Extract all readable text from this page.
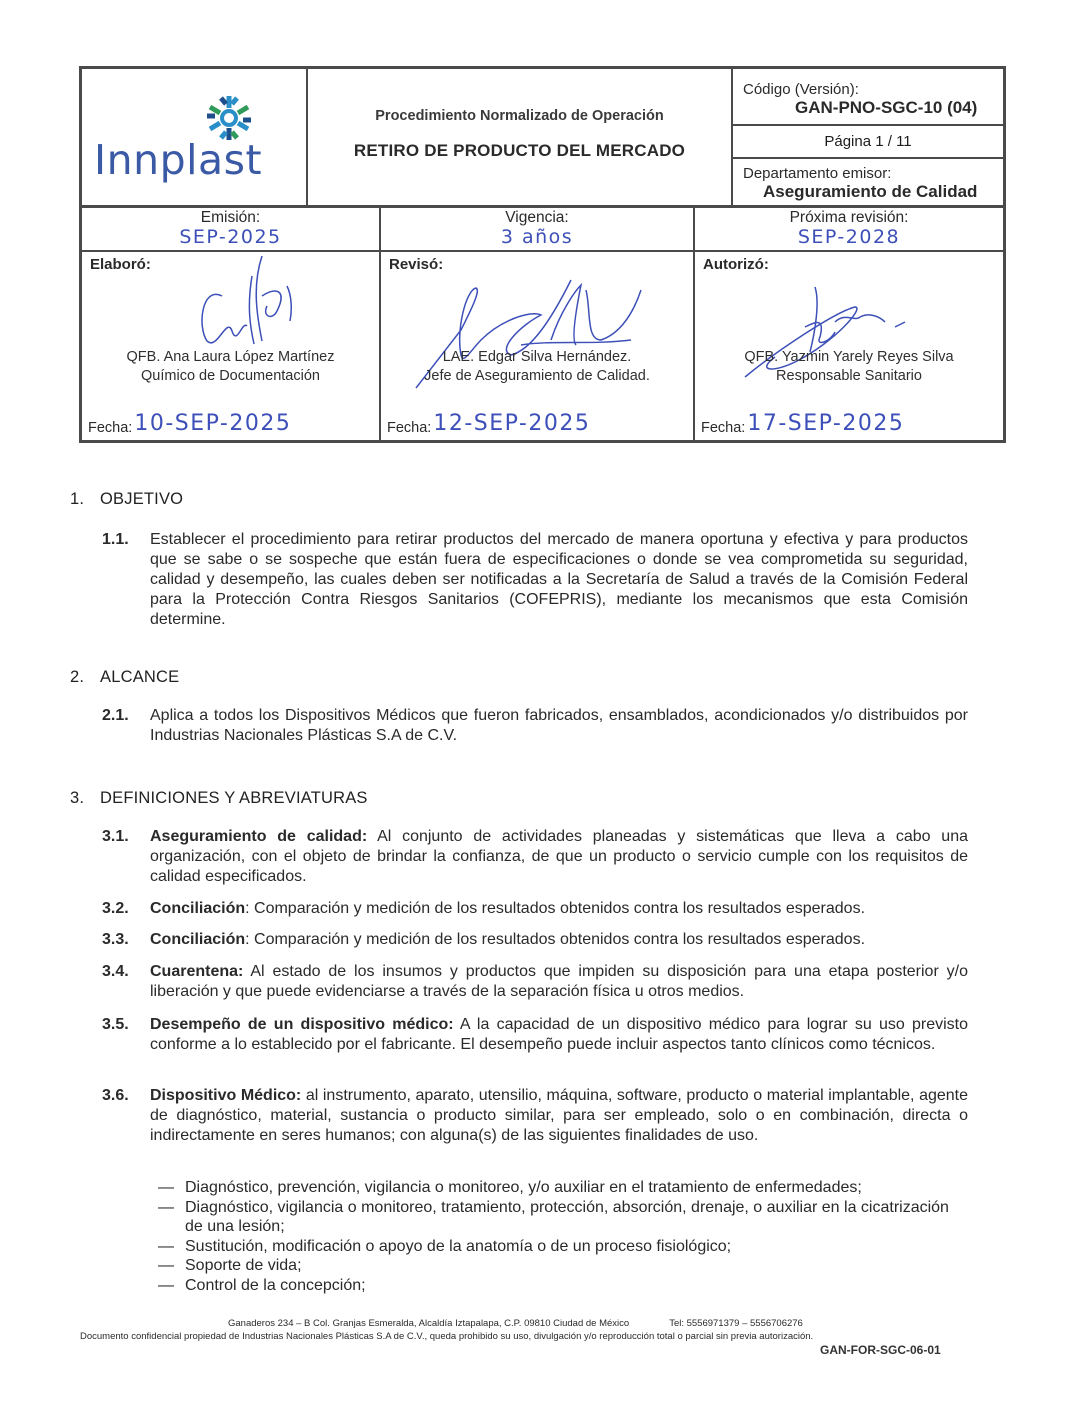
Innplast
Procedimiento Normalizado de Operación
RETIRO DE PRODUCTO DEL MERCADO
Código (Versión):
GAN-PNO-SGC-10 (04)
Página 1 / 11
Departamento emisor:
Aseguramiento de Calidad
Emisión:
SEP-2025
Vigencia:
3 años
Próxima revisión:
SEP-2028
Elaboró:
QFB. Ana Laura López Martínez
Químico de Documentación
Fecha: 10-SEP-2025
Revisó:
LAE. Edgar Silva Hernández.
Jefe de Aseguramiento de Calidad.
Fecha: 12-SEP-2025
Autorizó:
QFB. Yazmin Yarely Reyes Silva
Responsable Sanitario
Fecha: 17-SEP-2025
1. OBJETIVO
1.1. Establecer el procedimiento para retirar productos del mercado de manera oportuna y efectiva y para productos que se sabe o se sospeche que están fuera de especificaciones o donde se vea comprometida su seguridad, calidad y desempeño, las cuales deben ser notificadas a la Secretaría de Salud a través de la Comisión Federal para la Protección Contra Riesgos Sanitarios (COFEPRIS), mediante los mecanismos que esta Comisión determine.
2. ALCANCE
2.1. Aplica a todos los Dispositivos Médicos que fueron fabricados, ensamblados, acondicionados y/o distribuidos por Industrias Nacionales Plásticas S.A de C.V.
3. DEFINICIONES Y ABREVIATURAS
3.1. Aseguramiento de calidad: Al conjunto de actividades planeadas y sistemáticas que lleva a cabo una organización, con el objeto de brindar la confianza, de que un producto o servicio cumple con los requisitos de calidad especificados.
3.2. Conciliación: Comparación y medición de los resultados obtenidos contra los resultados esperados.
3.3. Conciliación: Comparación y medición de los resultados obtenidos contra los resultados esperados.
3.4. Cuarentena: Al estado de los insumos y productos que impiden su disposición para una etapa posterior y/o liberación y que puede evidenciarse a través de la separación física u otros medios.
3.5. Desempeño de un dispositivo médico: A la capacidad de un dispositivo médico para lograr su uso previsto conforme a lo establecido por el fabricante. El desempeño puede incluir aspectos tanto clínicos como técnicos.
3.6. Dispositivo Médico: al instrumento, aparato, utensilio, máquina, software, producto o material implantable, agente de diagnóstico, material, sustancia o producto similar, para ser empleado, solo o en combinación, directa o indirectamente en seres humanos; con alguna(s) de las siguientes finalidades de uso.
— Diagnóstico, prevención, vigilancia o monitoreo, y/o auxiliar en el tratamiento de enfermedades;
— Diagnóstico, vigilancia o monitoreo, tratamiento, protección, absorción, drenaje, o auxiliar en la cicatrización de una lesión;
— Sustitución, modificación o apoyo de la anatomía o de un proceso fisiológico;
— Soporte de vida;
— Control de la concepción;
Ganaderos 234 – B Col. Granjas Esmeralda, Alcaldía Iztapalapa, C.P. 09810 Ciudad de México	Tel: 5556971379 – 5556706276
Documento confidencial propiedad de Industrias Nacionales Plásticas S.A de C.V., queda prohibido su uso, divulgación y/o reproducción total o parcial sin previa autorización.
GAN-FOR-SGC-06-01
